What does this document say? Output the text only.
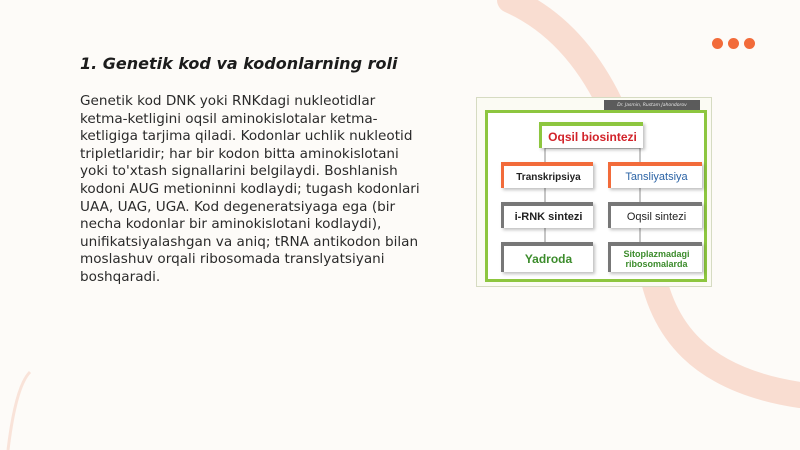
1. Genetik kod va kodonlarning roli
Genetik kod DNK yoki RNKdagi nukleotidlar ketma-ketligini oqsil aminokislotalar ketma-ketligiga tarjima qiladi. Kodonlar uchlik nukleotid tripletlaridir; har bir kodon bitta aminokislotani yoki to'xtash signallarini belgilaydi. Boshlanish kodoni AUG metioninni kodlaydi; tugash kodonlari UAA, UAG, UGA. Kod degeneratsiyaga ega (bir necha kodonlar bir aminokislotani kodlaydi), unifikatsiyalashgan va aniq; tRNA antikodon bilan moslashuv orqali ribosomada translyatsiyani boshqaradi.
Dr. Jasmin, Rustam Jahondorov
Oqsil biosintezi
Transkripsiya
i-RNK sintezi
Yadroda
Tansliyatsiya
Oqsil sintezi
Sitoplazmadagi ribosomalarda
